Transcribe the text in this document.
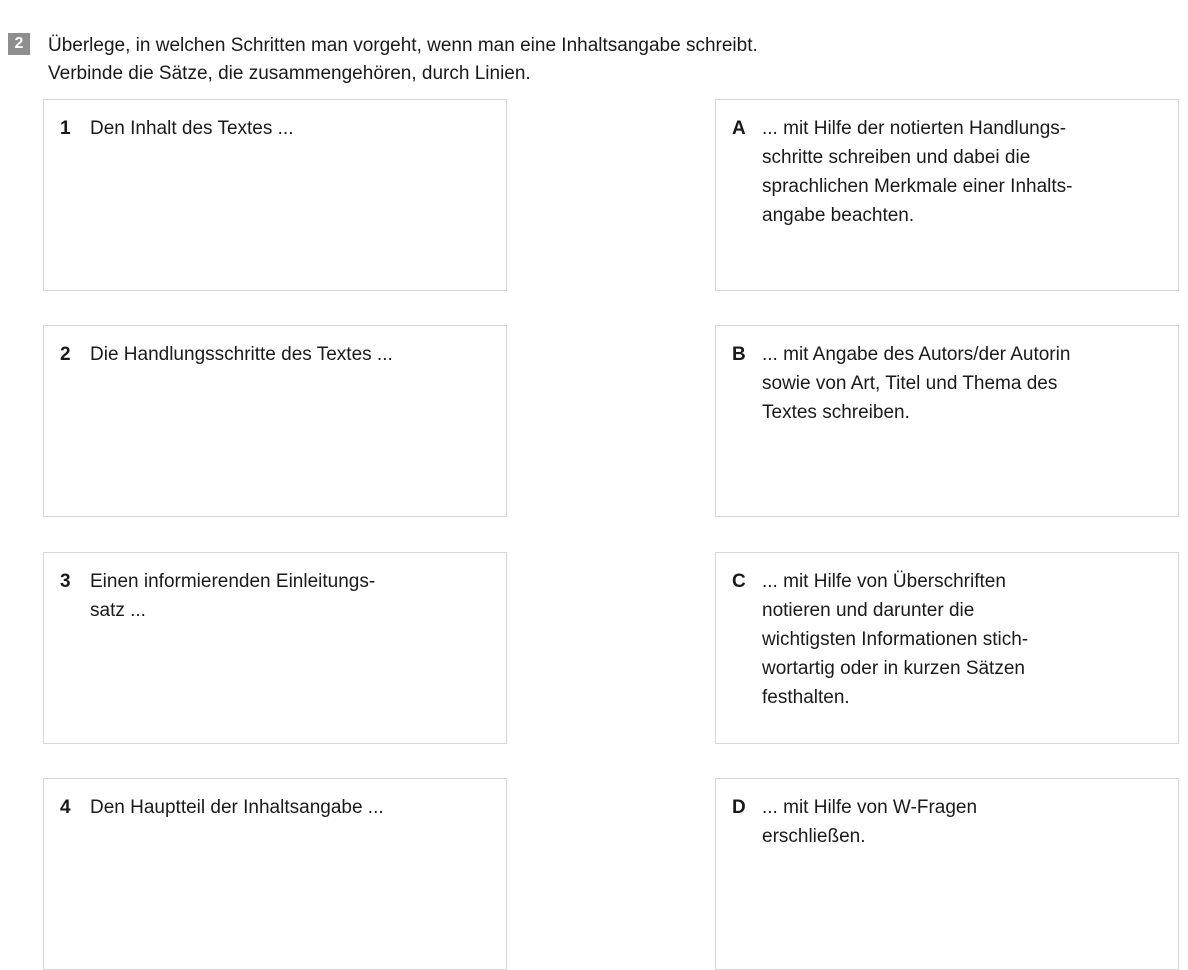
2	Überlege, in welchen Schritten man vorgeht, wenn man eine Inhaltsangabe schreibt.
Verbinde die Sätze, die zusammengehören, durch Linien.
1	Den Inhalt des Textes ...
2	Die Handlungsschritte des Textes ...
3	Einen informierenden Einleitungs-
satz ...
4	Den Hauptteil der Inhaltsangabe ...
A ... mit Hilfe der notierten Handlungs-
schritte schreiben und dabei die
sprachlichen Merkmale einer Inhalts-
angabe beachten.
B ... mit Angabe des Autors/der Autorin
sowie von Art, Titel und Thema des
Textes schreiben.
C ... mit Hilfe von Überschriften
notieren und darunter die
wichtigsten Informationen stich-
wortartig oder in kurzen Sätzen
festhalten.
D ... mit Hilfe von W-Fragen
erschließen.
